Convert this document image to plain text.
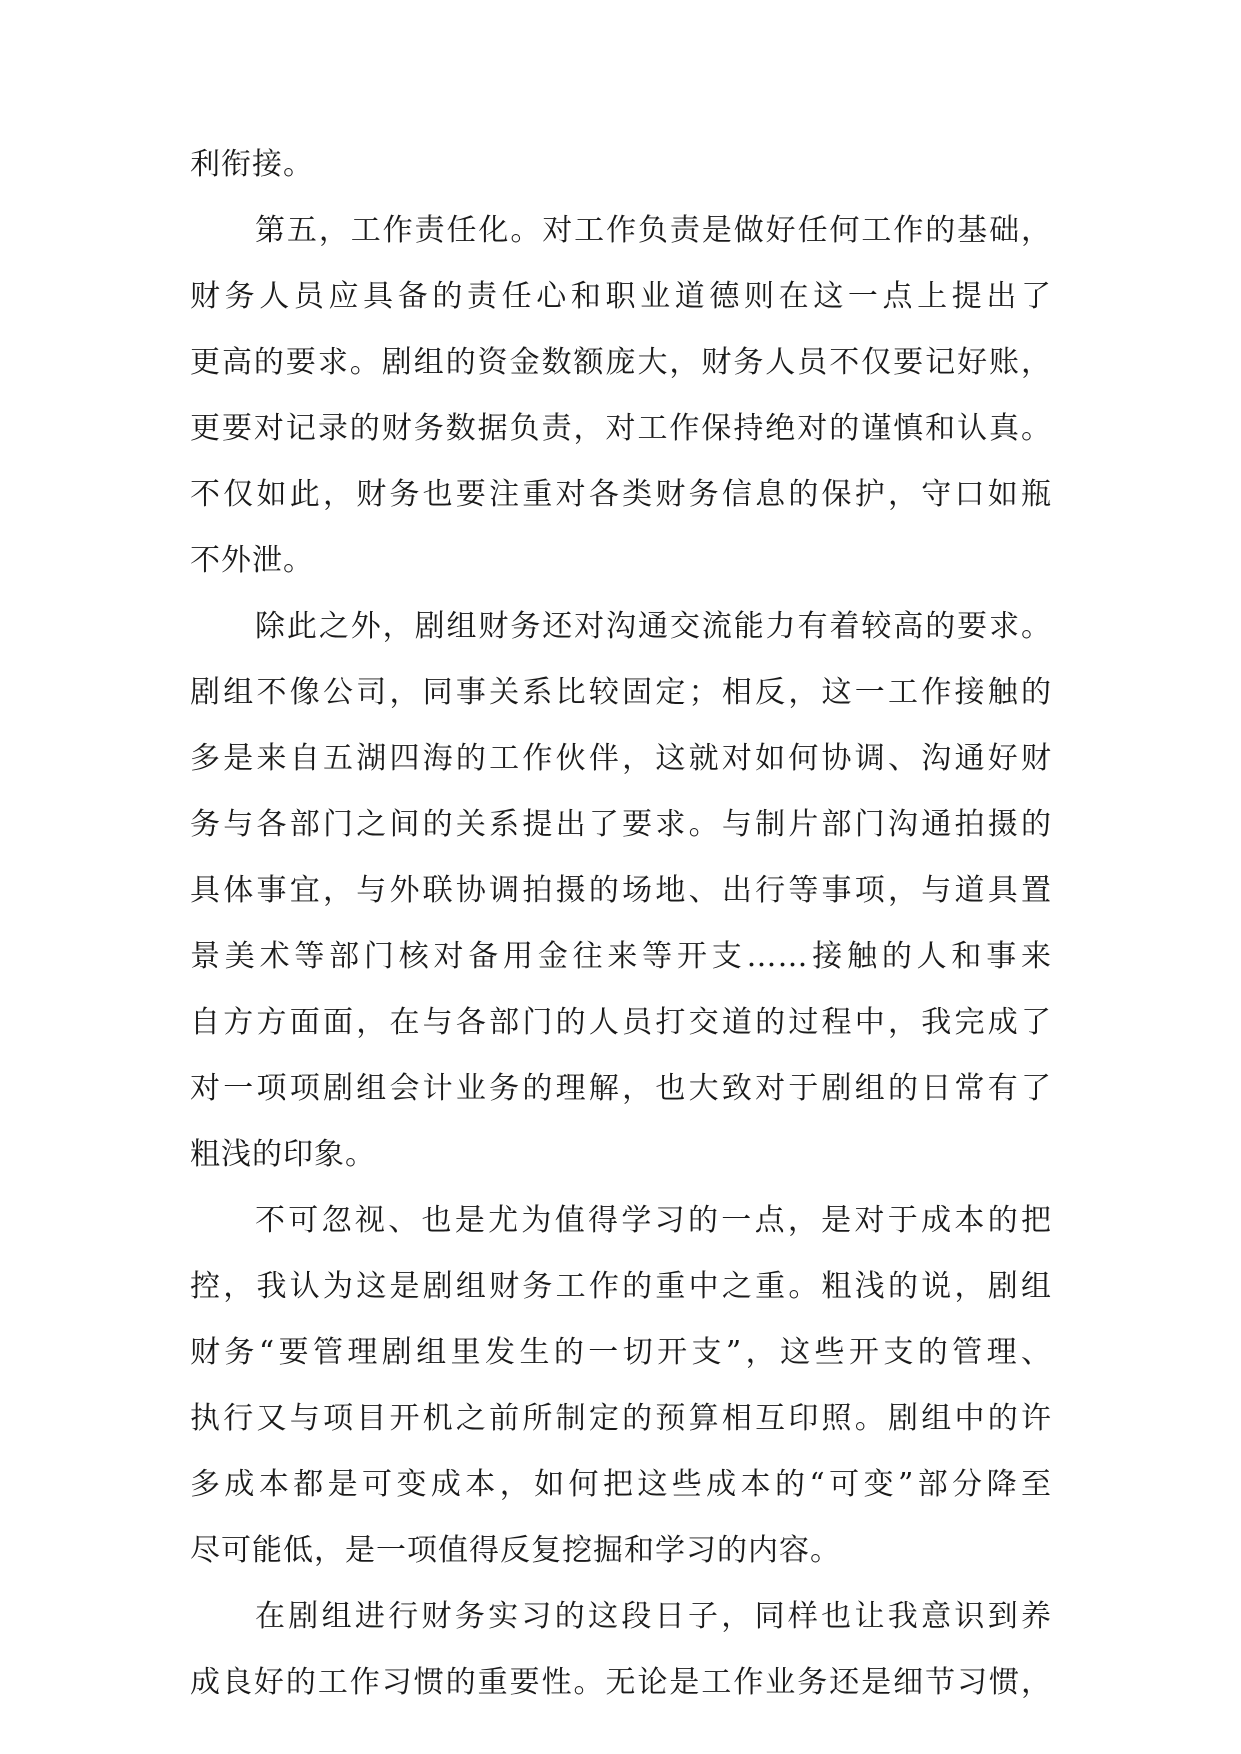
利衔接。
第五，工作责任化。对工作负责是做好任何工作的基础，
财务人员应具备的责任心和职业道德则在这一点上提出了
更高的要求。剧组的资金数额庞大，财务人员不仅要记好账，
更要对记录的财务数据负责，对工作保持绝对的谨慎和认真。
不仅如此，财务也要注重对各类财务信息的保护，守口如瓶
不外泄。
除此之外，剧组财务还对沟通交流能力有着较高的要求。
剧组不像公司，同事关系比较固定；相反，这一工作接触的
多是来自五湖四海的工作伙伴，这就对如何协调、沟通好财
务与各部门之间的关系提出了要求。与制片部门沟通拍摄的
具体事宜，与外联协调拍摄的场地、出行等事项，与道具置
景美术等部门核对备用金往来等开支……接触的人和事来
自方方面面，在与各部门的人员打交道的过程中，我完成了
对一项项剧组会计业务的理解，也大致对于剧组的日常有了
粗浅的印象。
不可忽视、也是尤为值得学习的一点，是对于成本的把
控，我认为这是剧组财务工作的重中之重。粗浅的说，剧组
财务“要管理剧组里发生的一切开支”，这些开支的管理、
执行又与项目开机之前所制定的预算相互印照。剧组中的许
多成本都是可变成本，如何把这些成本的“可变”部分降至
尽可能低，是一项值得反复挖掘和学习的内容。
在剧组进行财务实习的这段日子，同样也让我意识到养
成良好的工作习惯的重要性。无论是工作业务还是细节习惯，
